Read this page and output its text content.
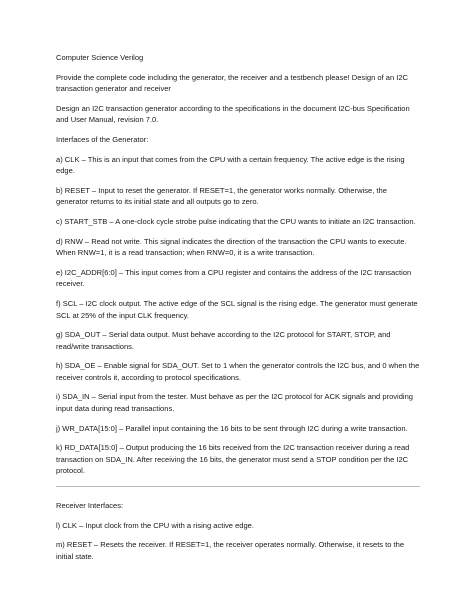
Computer Science Verilog

Provide the complete code including the generator, the receiver and a testbench please! Design of an I2C transaction generator and receiver

Design an I2C transaction generator according to the specifications in the document I2C-bus Specification and User Manual, revision 7.0.

Interfaces of the Generator:

a) CLK – This is an input that comes from the CPU with a certain frequency. The active edge is the rising edge.

b) RESET – Input to reset the generator. If RESET=1, the generator works normally. Otherwise, the generator returns to its initial state and all outputs go to zero.

c) START_STB – A one-clock cycle strobe pulse indicating that the CPU wants to initiate an I2C transaction.

d) RNW – Read not write. This signal indicates the direction of the transaction the CPU wants to execute. When RNW=1, it is a read transaction; when RNW=0, it is a write transaction.

e) I2C_ADDR[6:0] – This input comes from a CPU register and contains the address of the I2C transaction receiver.

f) SCL – I2C clock output. The active edge of the SCL signal is the rising edge. The generator must generate SCL at 25% of the input CLK frequency.

g) SDA_OUT – Serial data output. Must behave according to the I2C protocol for START, STOP, and read/write transactions.

h) SDA_OE – Enable signal for SDA_OUT. Set to 1 when the generator controls the I2C bus, and 0 when the receiver controls it, according to protocol specifications.

i) SDA_IN – Serial input from the tester. Must behave as per the I2C protocol for ACK signals and providing input data during read transactions.

j) WR_DATA[15:0] – Parallel input containing the 16 bits to be sent through I2C during a write transaction.

k) RD_DATA[15:0] – Output producing the 16 bits received from the I2C transaction receiver during a read transaction on SDA_IN. After receiving the 16 bits, the generator must send a STOP condition per the I2C protocol.

Receiver Interfaces:

l) CLK – Input clock from the CPU with a rising active edge.

m) RESET – Resets the receiver. If RESET=1, the receiver operates normally. Otherwise, it resets to the initial state.
